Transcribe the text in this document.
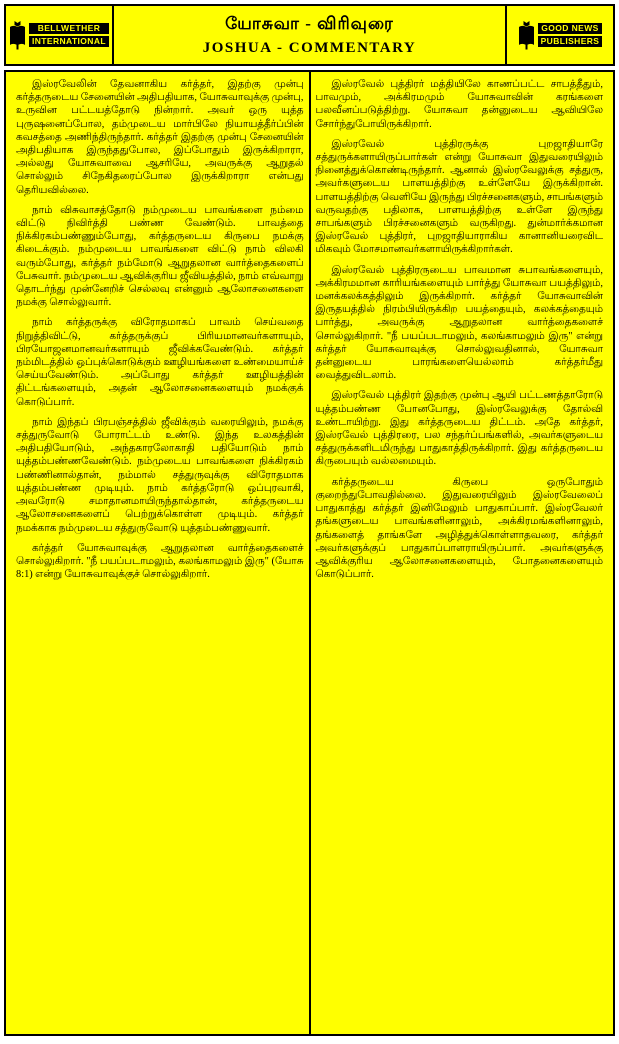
BELLWETHER
INTERNATIONAL
யோசுவா - விரிவுரை
JOSHUA - COMMENTARY
GOOD NEWS
PUBLISHERS

இஸ்ரவேலின் தேவனாகிய கர்த்தர், இதற்கு முன்பு கர்த்தருடைய சேனையின் அதிபதியாக, யோசுவாவுக்கு முன்பு, உருவின பட்டயத்தோடு நின்றார். அவர் ஒரு யுத்த புருஷனைப்போல, தம்முடைய மார்பிலே நியாயத்தீர்ப்பின் கவசத்தை அணிந்திருந்தார். கர்த்தர் இதற்கு முன்பு சேனையின் அதிபதியாக இருந்ததுபோல, இப்போதும் இருக்கிறாரா, அல்லது யோசுவாவை ஆசரியே, அவருக்கு ஆறுதல் சொல்லும் சிநேகிதரைப்போல இருக்கிறாரா என்பது தெரியவில்லை.

நாம் விசுவாசத்தோடு நம்முடைய பாவங்களை நம்மை விட்டு நிவிர்த்தி பண்ண வேண்டும். பாவத்தை நிக்கிரகம்பண்ணும்போது, கர்த்தருடைய கிருபை நமக்கு கிடைக்கும். நம்முடைய பாவங்களை விட்டு நாம் விலகி வரும்போது, கர்த்தர் நம்மோடு ஆறுதலான வார்த்தைகளைப் பேசுவார். நம்முடைய ஆவிக்குரிய ஜீவியத்தில், நாம் எவ்வாறு தொடர்ந்து முன்னேறிச் செல்லவு என்னும் ஆலோசனைகளை நமக்கு சொல்லுவார்.

நாம் கர்த்தருக்கு விரோதமாகப் பாவம் செய்வதை நிறுத்திவிட்டு, கர்த்தருக்குப் பிரியமானவர்களாயும், பிரயோஜனமானவர்களாயும் ஜீவிக்கவேண்டும். கர்த்தர் நம்மிடத்தில் ஒப்புக்கொடுக்கும் ஊழியங்களை உண்மையாய்ச் செய்யவேண்டும். அப்போது கர்த்தர் ஊழியத்தின் திட்டங்களையும், அதன் ஆலோசனைகளையும் நமக்குக் கொடுப்பார்.

நாம் இந்தப் பிரபஞ்சத்தில் ஜீவிக்கும் வரையிலும், நமக்கு சத்துருவோடு போராட்டம் உண்டு. இந்த உலகத்தின் அதிபதியோடும், அந்தகாரலோகாதி பதியோடும் நாம் யுத்தம்பண்ணவேண்டும். நம்முடைய பாவங்களை நிக்கிரகம் பண்ணினால்தான், நம்மால் சத்துருவுக்கு விரோதமாக யுத்தம்பண்ண முடியும். நாம் கர்த்தரோடு ஒப்புரவாகி, அவரோடு சமாதானமாயிருந்தால்தான், கர்த்தருடைய ஆலோசனைகளைப் பெற்றுக்கொள்ள முடியும். கர்த்தர் நமக்காக நம்முடைய சத்துருவோடு யுத்தம்பண்ணுவார்.

கர்த்தர் யோசுவாவுக்கு ஆறுதலான வார்த்தைகளைச் சொல்லுகிறார். "நீ பயப்படாமலும், கலங்காமலும் இரு" (யோசு 8:1) என்று யோசுவாவுக்குச் சொல்லுகிறார்.

இஸ்ரவேல் புத்திரர் மத்தியிலே காணப்பட்ட சாபத்தீதும், பாவமும், அக்கிரமமும் யோசுவாவின் கரங்களை பலவீனப்படுத்திற்று. யோசுவா தன்னுடைய ஆவியிலே சோர்ந்துபோயிருக்கிறார்.

இஸ்ரவேல் புத்திரருக்கு புறஜாதியாரே சத்துருக்களாயிருப்பார்கள் என்று யோசுவா இதுவரையிலும் நினைத்துக்கொண்டிருந்தார். ஆனால் இஸ்ரவேலுக்கு சத்துரு, அவர்களுடைய பாளயத்திற்கு உள்ளேயே இருக்கிறான். பாளயத்திற்கு வெளியே இருந்து பிரச்சனைகளும், சாபங்களும் வருவதற்கு பதிலாக, பாளயத்திற்கு உள்ளே இருந்து சாபங்களும் பிரச்சனைகளும் வருகிறது. துன்மார்க்கமான இஸ்ரவேல் புத்திரர், புறஜாதியாராகிய கானானியரைவிட மிகவும் மோசமானவர்களாயிருக்கிறார்கள்.

இஸ்ரவேல் புத்திரருடைய பாவமான சுபாவங்களையும், அக்கிரமமான காரியங்களையும் பார்த்து யோசுவா பயத்திலும், மனக்கலக்கத்திலும் இருக்கிறார். கர்த்தர் யோசுவாவின் இருதயத்தில் நிரம்பியிருக்கிற பயத்தையும், கலக்கத்தையும் பார்த்து, அவருக்கு ஆறுதலான வார்த்தைகளைச் சொல்லுகிறார். "நீ பயப்படாமலும், கலங்காமலும் இரு" என்று கர்த்தர் யோசுவாவுக்கு சொல்லுவதினால், யோசுவா தன்னுடைய பாரங்களையெல்லாம் கர்த்தர்மீது வைத்துவிடலாம்.

இஸ்ரவேல் புத்திரர் இதற்கு முன்பு ஆயி பட்டணத்தாரோடு யுத்தம்பண்ண போனபோது, இஸ்ரவேலுக்கு தோல்வி உண்டாயிற்று. இது கர்த்தருடைய திட்டம். அதே கர்த்தர், இஸ்ரவேல் புத்திரரை, பல சந்தர்ப்பங்களில், அவர்களுடைய சத்துருக்களிடமிருந்து பாதுகாத்திருக்கிறார். இது கர்த்தருடைய கிருபையும் வல்லமையும்.

கர்த்தருடைய கிருபை ஒருபோதும் குறைந்துபோவதில்லை. இதுவரையிலும் இஸ்ரவேலைப் பாதுகாத்து கர்த்தர் இனிமேலும் பாதுகாப்பார். இஸ்ரவேலர் தங்களுடைய பாவங்களினாலும், அக்கிரமங்களினாலும், தங்களைத் தாங்களே அழித்துக்கொள்ளாதவரை, கர்த்தர் அவர்களுக்குப் பாதுகாப்பாளராயிருப்பார். அவர்களுக்கு ஆவிக்குரிய ஆலோசனைகளையும், போதனைகளையும் கொடுப்பார்.
